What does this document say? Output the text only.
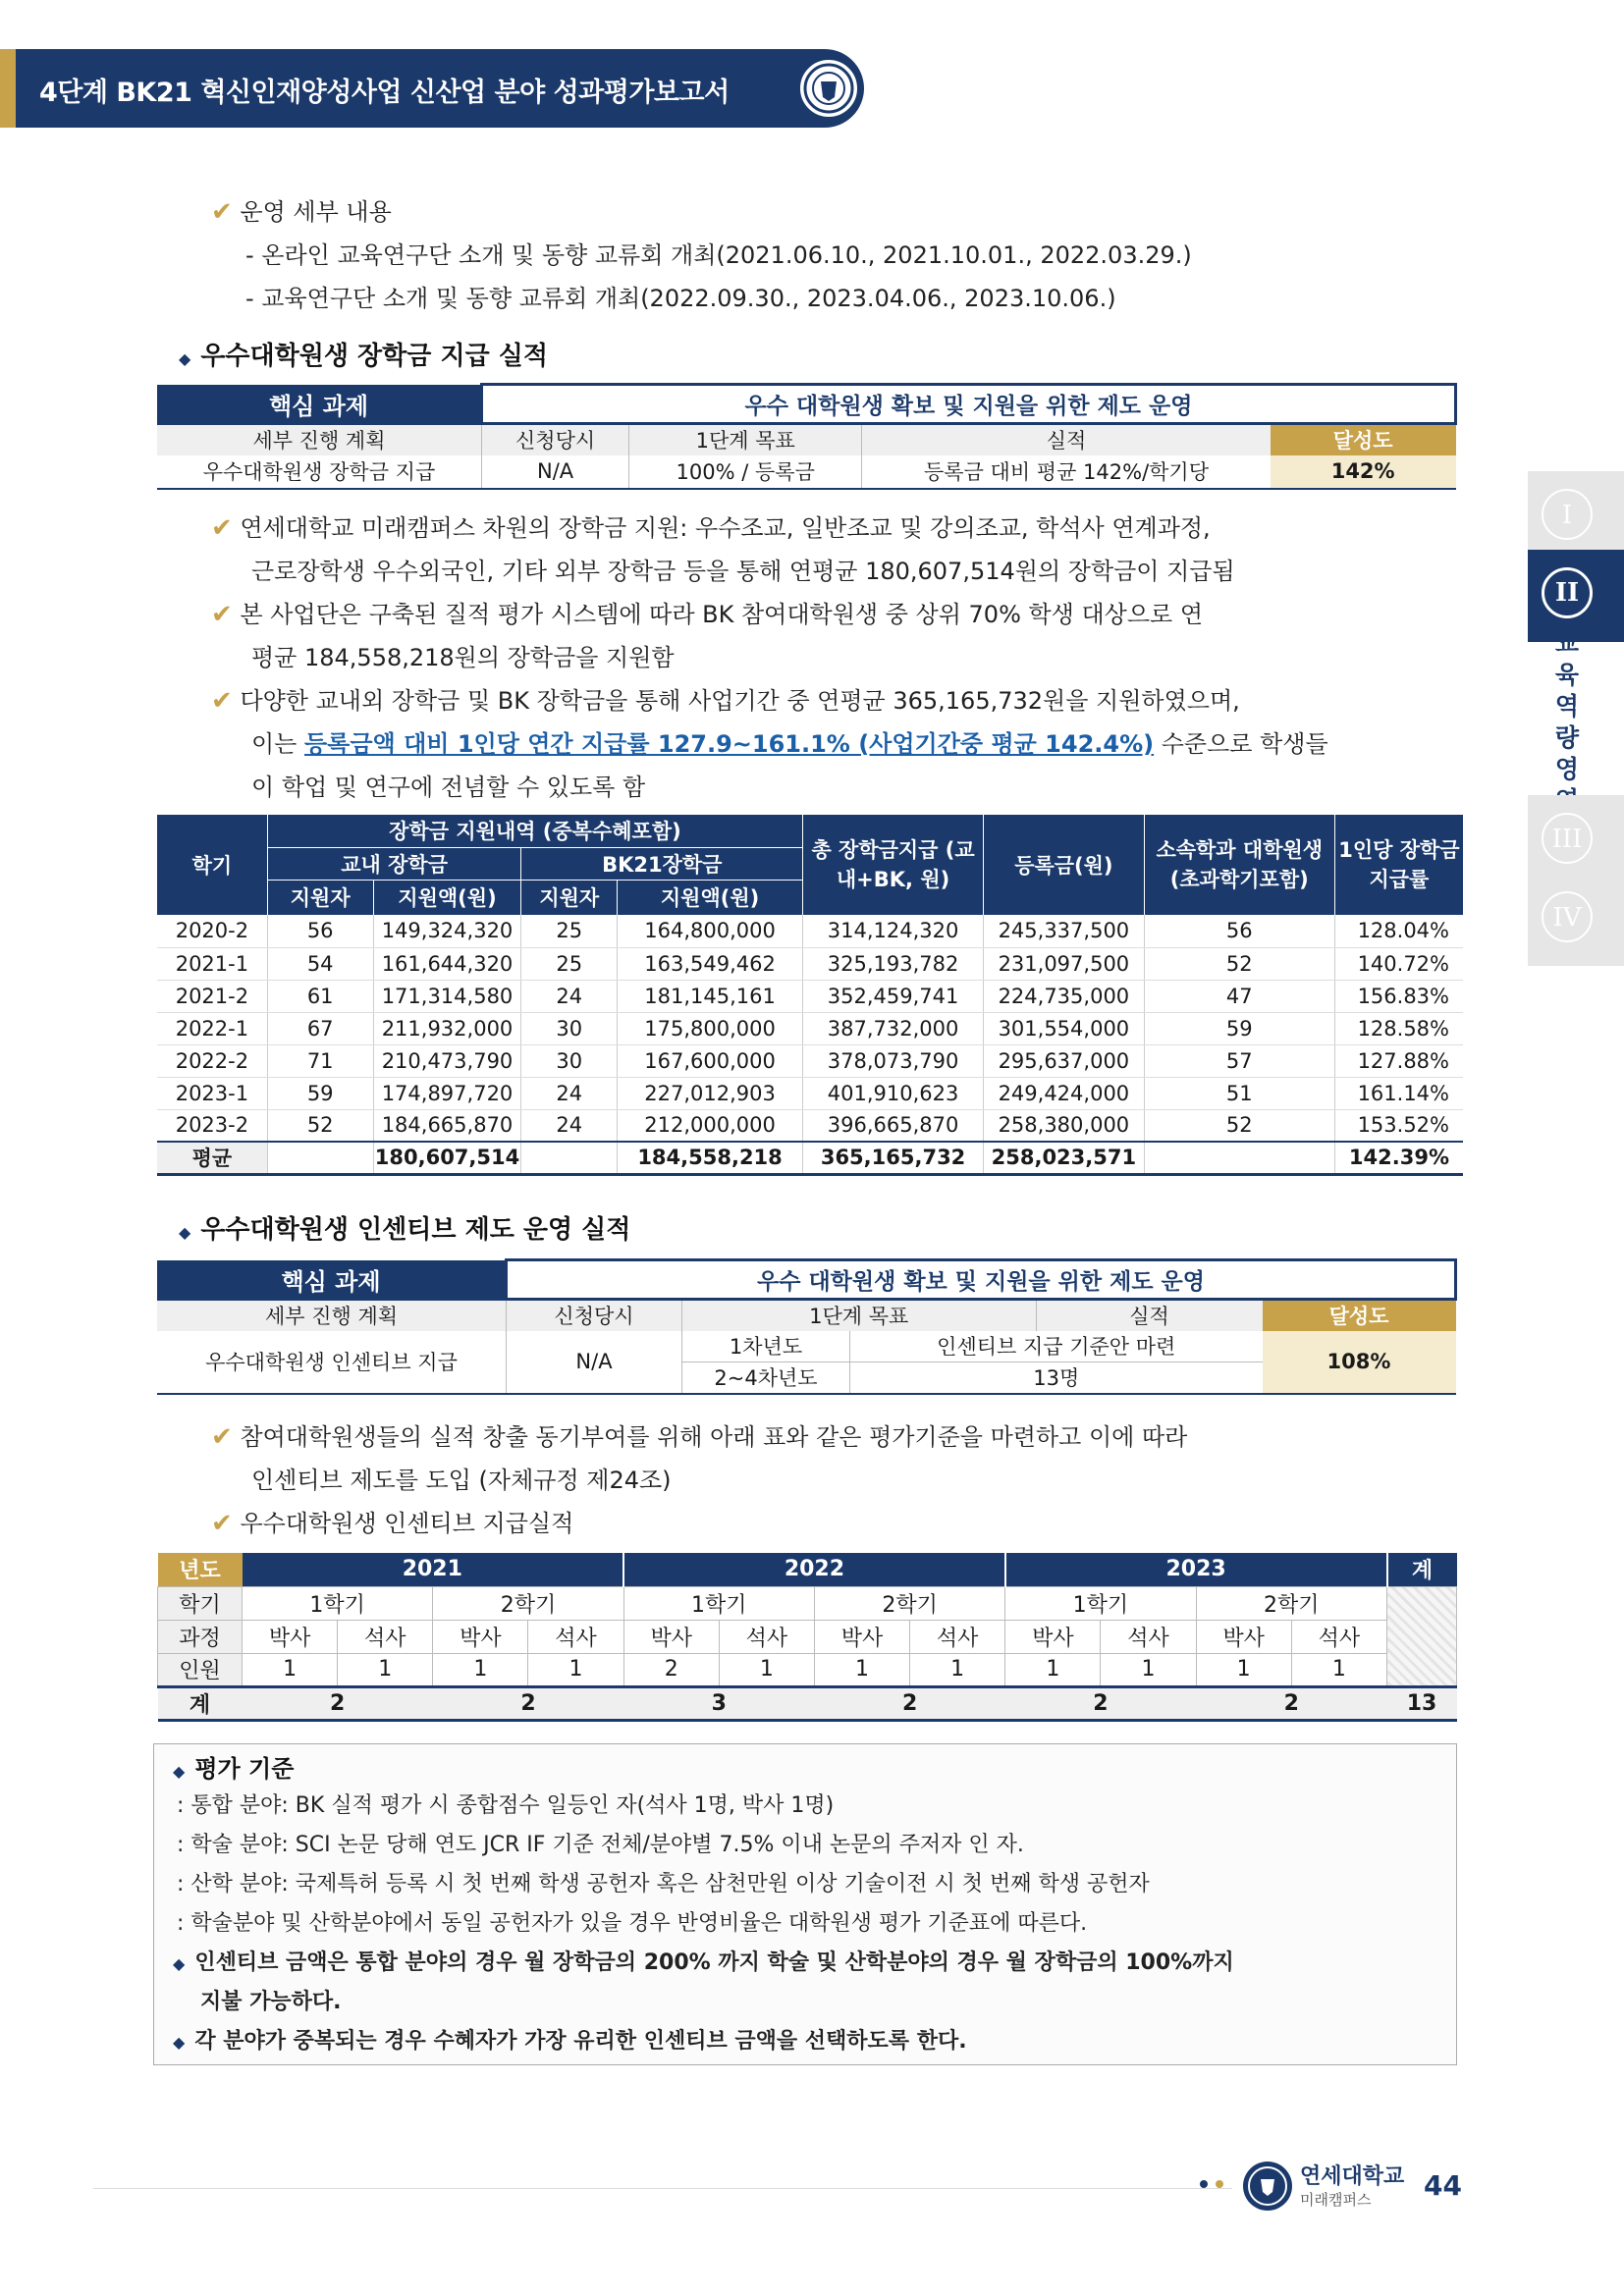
4단계 BK21 혁신인재양성사업 신산업 분야 성과평가보고서
I
II
교육역량 영
III
IV
✔ 운영 세부 내용
- 온라인 교육연구단 소개 및 동향 교류회 개최(2021.06.10., 2021.10.01., 2022.03.29.)
- 교육연구단 소개 및 동향 교류회 개최(2022.09.30., 2023.04.06., 2023.10.06.)
◆ 우수대학원생 장학금 지급 실적
핵심 과제	우수 대학원생 확보 및 지원을 위한 제도 운영			
세부 진행 계획	신청당시	1단계 목표	실적	달성도
우수대학원생 장학금 지급	N/A	100% / 등록금	등록금 대비 평균 142%/학기당	142%
✔ 연세대학교 미래캠퍼스 차원의 장학금 지원: 우수조교, 일반조교 및 강의조교, 학석사 연계과정,
근로장학생 우수외국인, 기타 외부 장학금 등을 통해 연평균 180,607,514원의 장학금이 지급됨
✔ 본 사업단은 구축된 질적 평가 시스템에 따라 BK 참여대학원생 중 상위 70% 학생 대상으로 연
평균 184,558,218원의 장학금을 지원함
✔ 다양한 교내외 장학금 및 BK 장학금을 통해 사업기간 중 연평균 365,165,732원을 지원하였으며,
이는 등록금액 대비 1인당 연간 지급률 127.9~161.1% (사업기간중 평균 142.4%) 수준으로 학생들
이 학업 및 연구에 전념할 수 있도록 함
학기	장학금 지원내역 (중복수혜포함)				총 장학금지급 (교내+BK, 원)	등록금(원)	소속학과 대학원생 (초과학기포함)	1인당 장학금 지급률
	교내 장학금		BK21장학금					
	지원자	지원액(원)	지원자	지원액(원)				
2020-2	56	149,324,320	25	164,800,000	314,124,320	245,337,500	56	128.04%
2021-1	54	161,644,320	25	163,549,462	325,193,782	231,097,500	52	140.72%
2021-2	61	171,314,580	24	181,145,161	352,459,741	224,735,000	47	156.83%
2022-1	67	211,932,000	30	175,800,000	387,732,000	301,554,000	59	128.58%
2022-2	71	210,473,790	30	167,600,000	378,073,790	295,637,000	57	127.88%
2023-1	59	174,897,720	24	227,012,903	401,910,623	249,424,000	51	161.14%
2023-2	52	184,665,870	24	212,000,000	396,665,870	258,380,000	52	153.52%
평균		180,607,514		184,558,218	365,165,732	258,023,571		142.39%
◆ 우수대학원생 인센티브 제도 운영 실적
핵심 과제	우수 대학원생 확보 및 지원을 위한 제도 운영				
세부 진행 계획	신청당시	1단계 목표		실적	달성도
우수대학원생 인센티브 지급	N/A	1차년도	인센티브 지급 기준안 마련		108%
		2~4차년도	13명		
✔ 참여대학원생들의 실적 창출 동기부여를 위해 아래 표와 같은 평가기준을 마련하고 이에 따라
인센티브 제도를 도입 (자체규정 제24조)
✔ 우수대학원생 인센티브 지급실적
년도	2021				2022				2023				계
학기	1학기		2학기		1학기		2학기		1학기		2학기		
과정	박사	석사	박사	석사	박사	석사	박사	석사	박사	석사	박사	석사	
인원	1	1	1	1	2	1	1	1	1	1	1	1	
계	2		2		3		2		2		2		13
◆ 평가 기준
: 통합 분야: BK 실적 평가 시 종합점수 일등인 자(석사 1명, 박사 1명)
: 학술 분야: SCI 논문 당해 연도 JCR IF 기준 전체/분야별 7.5% 이내 논문의 주저자 인 자.
: 산학 분야: 국제특허 등록 시 첫 번째 학생 공헌자 혹은 삼천만원 이상 기술이전 시 첫 번째 학생 공헌자
: 학술분야 및 산학분야에서 동일 공헌자가 있을 경우 반영비율은 대학원생 평가 기준표에 따른다.
◆ 인센티브 금액은 통합 분야의 경우 월 장학금의 200% 까지 학술 및 산학분야의 경우 월 장학금의 100%까지
지불 가능하다.
◆ 각 분야가 중복되는 경우 수혜자가 가장 유리한 인센티브 금액을 선택하도록 한다.
연세대학교
미래캠퍼스 44
